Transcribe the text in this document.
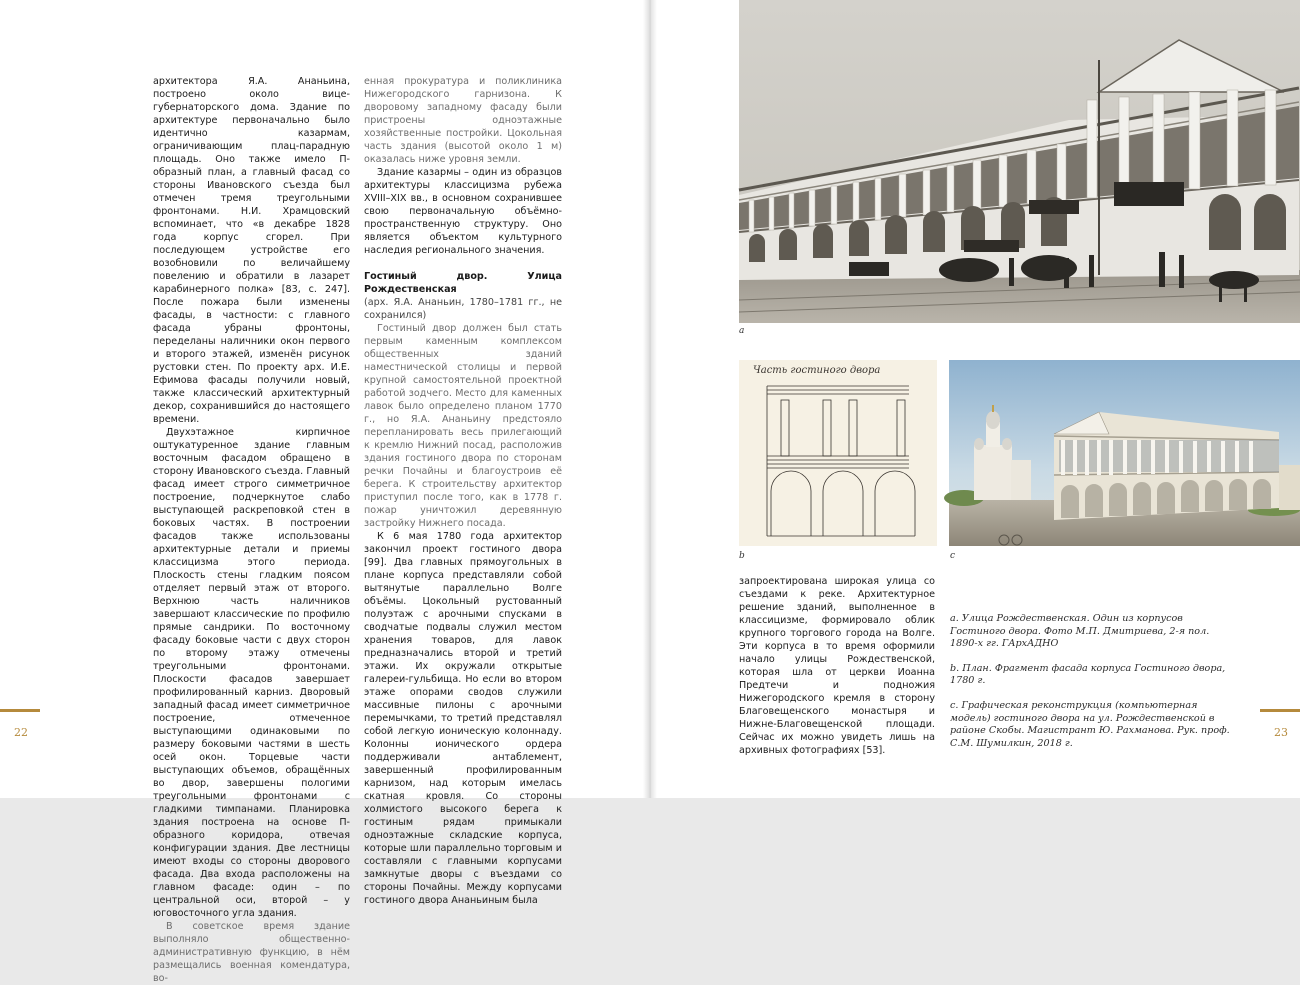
архитектора Я.А. Ананьина, построено около вице-губернаторского дома. Здание по архитектуре первоначально было идентично казармам, ограничивающим плац-парадную площадь. Оно также имело П-образный план, а главный фасад со стороны Ивановского съезда был отмечен тремя треугольными фронтонами. Н.И. Храмцовский вспоминает, что «в декабре 1828 года корпус сгорел. При последующем устройстве его возобновили по величайшему повелению и обратили в лазарет карабинерного полка» [83, с. 247]. После пожара были изменены фасады, в частности: с главного фасада убраны фронтоны, переделаны наличники окон первого и второго этажей, изменён рисунок рустовки стен. По проекту арх. И.Е. Ефимова фасады получили новый, также классический архитектурный декор, сохранившийся до настоящего времени.

Двухэтажное кирпичное оштукатуренное здание главным восточным фасадом обращено в сторону Ивановского съезда. Главный фасад имеет строго симметричное построение, подчеркнутое слабо выступающей раскреповкой стен в боковых частях. В построении фасадов также использованы архитектурные детали и приемы классицизма этого периода. Плоскость стены гладким поясом отделяет первый этаж от второго. Верхнюю часть наличников завершают классические по профилю прямые сандрики. По восточному фасаду боковые части с двух сторон по второму этажу отмечены треугольными фронтонами. Плоскости фасадов завершает профилированный карниз. Дворовый западный фасад имеет симметричное построение, отмеченное выступающими одинаковыми по размеру боковыми частями в шесть осей окон. Торцевые части выступающих объемов, обращённых во двор, завершены пологими треугольными фронтонами с гладкими тимпанами. Планировка здания построена на основе П-образного коридора, отвечая конфигурации здания. Две лестницы имеют входы со стороны дворового фасада. Два входа расположены на главном фасаде: один – по центральной оси, второй – у юговосточного угла здания.

В советское время здание выполняло общественно-административную функцию, в нём размещались военная комендатура, во-

енная прокуратура и поликлиника Нижегородского гарнизона. К дворовому западному фасаду были пристроены одноэтажные хозяйственные постройки. Цокольная часть здания (высотой около 1 м) оказалась ниже уровня земли.

Здание казармы – один из образцов архитектуры классицизма рубежа XVIII–XIX вв., в основном сохранившее свою первоначальную объёмно-пространственную структуру. Оно является объектом культурного наследия регионального значения.

Гостиный двор. Улица Рождественская
(арх. Я.А. Ананьин, 1780–1781 гг., не сохранился)

Гостиный двор должен был стать первым каменным комплексом общественных зданий наместнической столицы и первой крупной самостоятельной проектной работой зодчего. Место для каменных лавок было определено планом 1770 г., но Я.А. Ананьину предстояло перепланировать весь прилегающий к кремлю Нижний посад, расположив здания гостиного двора по сторонам речки Почайны и благоустроив её берега. К строительству архитектор приступил после того, как в 1778 г. пожар уничтожил деревянную застройку Нижнего посада.

К 6 мая 1780 года архитектор закончил проект гостиного двора [99]. Два главных прямоугольных в плане корпуса представляли собой вытянутые параллельно Волге объёмы. Цокольный рустованный полуэтаж с арочными спусками в сводчатые подвалы служил местом хранения товаров, для лавок предназначались второй и третий этажи. Их окружали открытые галереи-гульбища. Но если во втором этаже опорами сводов служили массивные пилоны с арочными перемычками, то третий представлял собой легкую ионическую колоннаду. Колонны ионического ордера поддерживали антаблемент, завершенный профилированным карнизом, над которым имелась скатная кровля. Со стороны холмистого высокого берега к гостиным рядам примыкали одноэтажные складские корпуса, которые шли параллельно торговым и составляли с главными корпусами замкнутые дворы с въездами со стороны Почайны. Между корпусами гостиного двора Ананьиным была

22
a
Часть гостиного двора
b	c

запроектирована широкая улица со съездами к реке. Архитектурное решение зданий, выполненное в классицизме, формировало облик крупного торгового города на Волге. Эти корпуса в то время оформили начало улицы Рождественской, которая шла от церкви Иоанна Предтечи и подножия Нижегородского кремля в сторону Благовещенского монастыря и Нижне-Благовещенской площади. Сейчас их можно увидеть лишь на архивных фотографиях [53].

a. Улица Рождественская. Один из корпусов Гостиного двора. Фото М.П. Дмитриева, 2-я пол. 1890-х гг. ГАрхАДНО

b. План. Фрагмент фасада корпуса Гостиного двора, 1780 г.

c. Графическая реконструкция (компьютерная модель) гостиного двора на ул. Рождественской в районе Скобы. Магистрант Ю. Рахманова. Рук. проф. С.М. Шумилкин, 2018 г.

23
